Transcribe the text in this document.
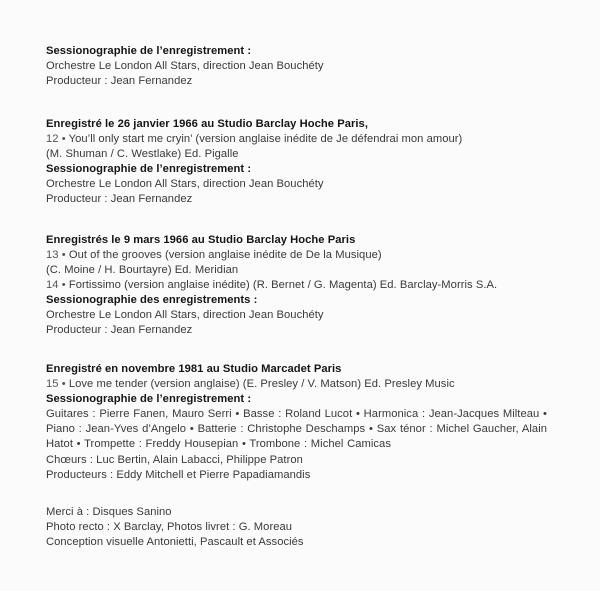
Sessionographie de l’enregistrement :
Orchestre Le London All Stars, direction Jean Bouchéty
Producteur : Jean Fernandez
Enregistré le 26 janvier 1966 au Studio Barclay Hoche Paris,
12 • You’ll only start me cryin’ (version anglaise inédite de Je défendrai mon amour)
(M. Shuman / C. Westlake) Ed. Pigalle
Sessionographie de l’enregistrement :
Orchestre Le London All Stars, direction Jean Bouchéty
Producteur : Jean Fernandez
Enregistrés le 9 mars 1966 au Studio Barclay Hoche Paris
13 • Out of the grooves (version anglaise inédite de De la Musique)
(C. Moine / H. Bourtayre) Ed. Meridian
14 • Fortissimo (version anglaise inédite) (R. Bernet / G. Magenta) Ed. Barclay-Morris S.A.
Sessionographie des enregistrements :
Orchestre Le London All Stars, direction Jean Bouchéty
Producteur : Jean Fernandez
Enregistré en novembre 1981 au Studio Marcadet Paris
15 • Love me tender (version anglaise) (E. Presley / V. Matson) Ed. Presley Music
Sessionographie de l’enregistrement :
Guitares : Pierre Fanen, Mauro Serri • Basse : Roland Lucot • Harmonica : Jean-Jacques Milteau • Piano : Jean-Yves d’Angelo • Batterie : Christophe Deschamps • Sax ténor : Michel Gaucher, Alain Hatot • Trompette : Freddy Housepian • Trombone : Michel Camicas
Chœurs : Luc Bertin, Alain Labacci, Philippe Patron
Producteurs : Eddy Mitchell et Pierre Papadiamandis
Merci à : Disques Sanino
Photo recto : X Barclay, Photos livret : G. Moreau
Conception visuelle Antonietti, Pascault et Associés
